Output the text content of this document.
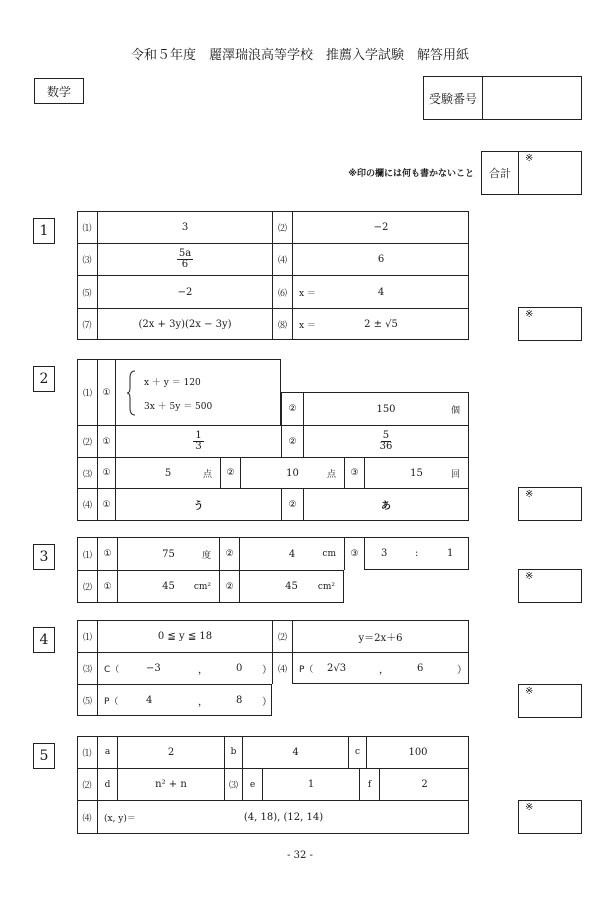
令和５年度　麗澤瑞浪高等学校　推薦入学試験　解答用紙
数学	受験番号
※印の欄には何も書かないこと 合計
※
1	⑴	3	⑵	−2
⑶	$\frac{5a}{6}$	⑷	6
⑸	−2	⑹	x ＝	4
⑺	(2x + 3y)(2x − 3y)	⑻	x ＝	2 ± √5
※
2
⑴	①
x ＋ y ＝ 120
3x ＋ 5y ＝ 500	②	150	個
⑵	①	$\frac{1}{3}$	②	$\frac{5}{36}$
⑶	①	5	点	②	10	点	③	15	回
⑷	①	う	②	あ
※
3	⑴	①	75	度	②	4	cm	③	3	:	1
⑵	①	45 cm²	②	45 cm²
※
4	⑴	0 ≦ y ≦ 18	⑵	y＝2x＋6
⑶	C（	−3	，	0 ） ⑷	P（ 2√3	，	6	）
⑸	P（	4	，	8 ）
※
5	⑴	a	2	b	4	c	100
⑵	d	n² + n	⑶	e	1	f	2
⑷	(x, y)＝	(4, 18), (12, 14)
※
- 32 -
